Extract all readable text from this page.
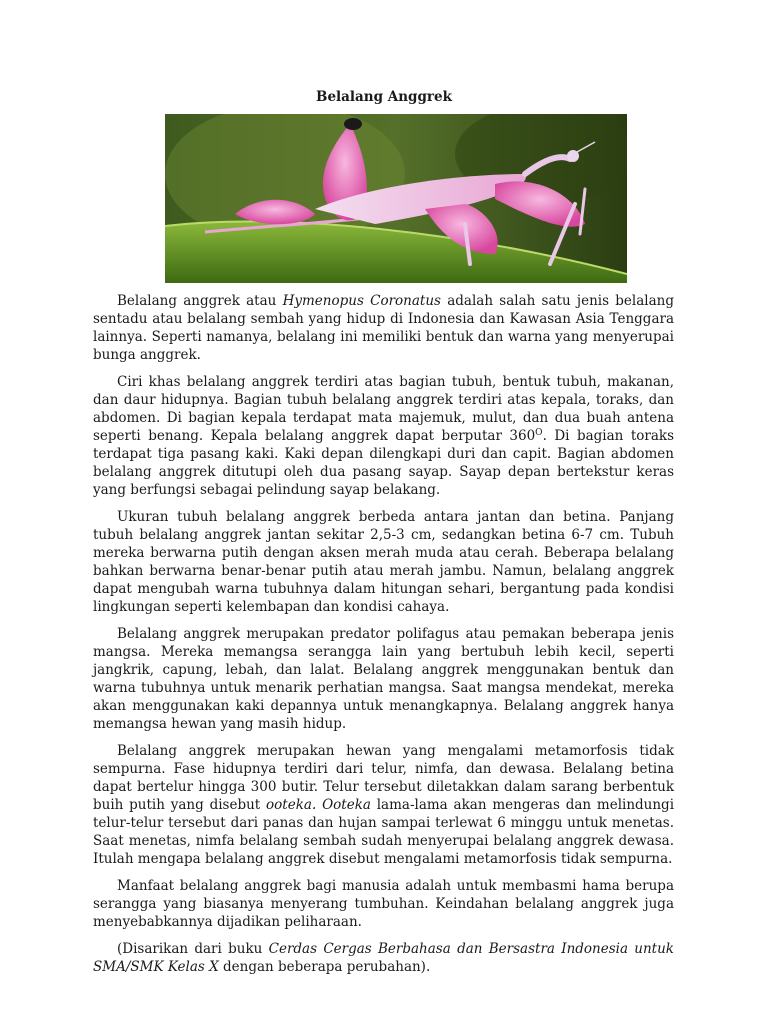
Belalang Anggrek

Belalang anggrek atau Hymenopus Coronatus adalah salah satu jenis belalang sentadu atau belalang sembah yang hidup di Indonesia dan Kawasan Asia Tenggara lainnya. Seperti namanya, belalang ini memiliki bentuk dan warna yang menyerupai bunga anggrek.

Ciri khas belalang anggrek terdiri atas bagian tubuh, bentuk tubuh, makanan, dan daur hidupnya. Bagian tubuh belalang anggrek terdiri atas kepala, toraks, dan abdomen. Di bagian kepala terdapat mata majemuk, mulut, dan dua buah antena seperti benang. Kepala belalang anggrek dapat berputar $360^O$. Di bagian toraks terdapat tiga pasang kaki. Kaki depan dilengkapi duri dan capit. Bagian abdomen belalang anggrek ditutupi oleh dua pasang sayap. Sayap depan bertekstur keras yang berfungsi sebagai pelindung sayap belakang.

Ukuran tubuh belalang anggrek berbeda antara jantan dan betina. Panjang tubuh belalang anggrek jantan sekitar 2,5-3 cm, sedangkan betina 6-7 cm. Tubuh mereka berwarna putih dengan aksen merah muda atau cerah. Beberapa belalang bahkan berwarna benar-benar putih atau merah jambu. Namun, belalang anggrek dapat mengubah warna tubuhnya dalam hitungan sehari, bergantung pada kondisi lingkungan seperti kelembapan dan kondisi cahaya.

Belalang anggrek merupakan predator polifagus atau pemakan beberapa jenis mangsa. Mereka memangsa serangga lain yang bertubuh lebih kecil, seperti jangkrik, capung, lebah, dan lalat. Belalang anggrek menggunakan bentuk dan warna tubuhnya untuk menarik perhatian mangsa. Saat mangsa mendekat, mereka akan menggunakan kaki depannya untuk menangkapnya. Belalang anggrek hanya memangsa hewan yang masih hidup.

Belalang anggrek merupakan hewan yang mengalami metamorfosis tidak sempurna. Fase hidupnya terdiri dari telur, nimfa, dan dewasa. Belalang betina dapat bertelur hingga 300 butir. Telur tersebut diletakkan dalam sarang berbentuk buih putih yang disebut ooteka. Ooteka lama-lama akan mengeras dan melindungi telur-telur tersebut dari panas dan hujan sampai terlewat 6 minggu untuk menetas. Saat menetas, nimfa belalang sembah sudah menyerupai belalang anggrek dewasa. Itulah mengapa belalang anggrek disebut mengalami metamorfosis tidak sempurna.

Manfaat belalang anggrek bagi manusia adalah untuk membasmi hama berupa serangga yang biasanya menyerang tumbuhan. Keindahan belalang anggrek juga menyebabkannya dijadikan peliharaan.

(Disarikan dari buku Cerdas Cergas Berbahasa dan Bersastra Indonesia untuk SMA/SMK Kelas X dengan beberapa perubahan).
